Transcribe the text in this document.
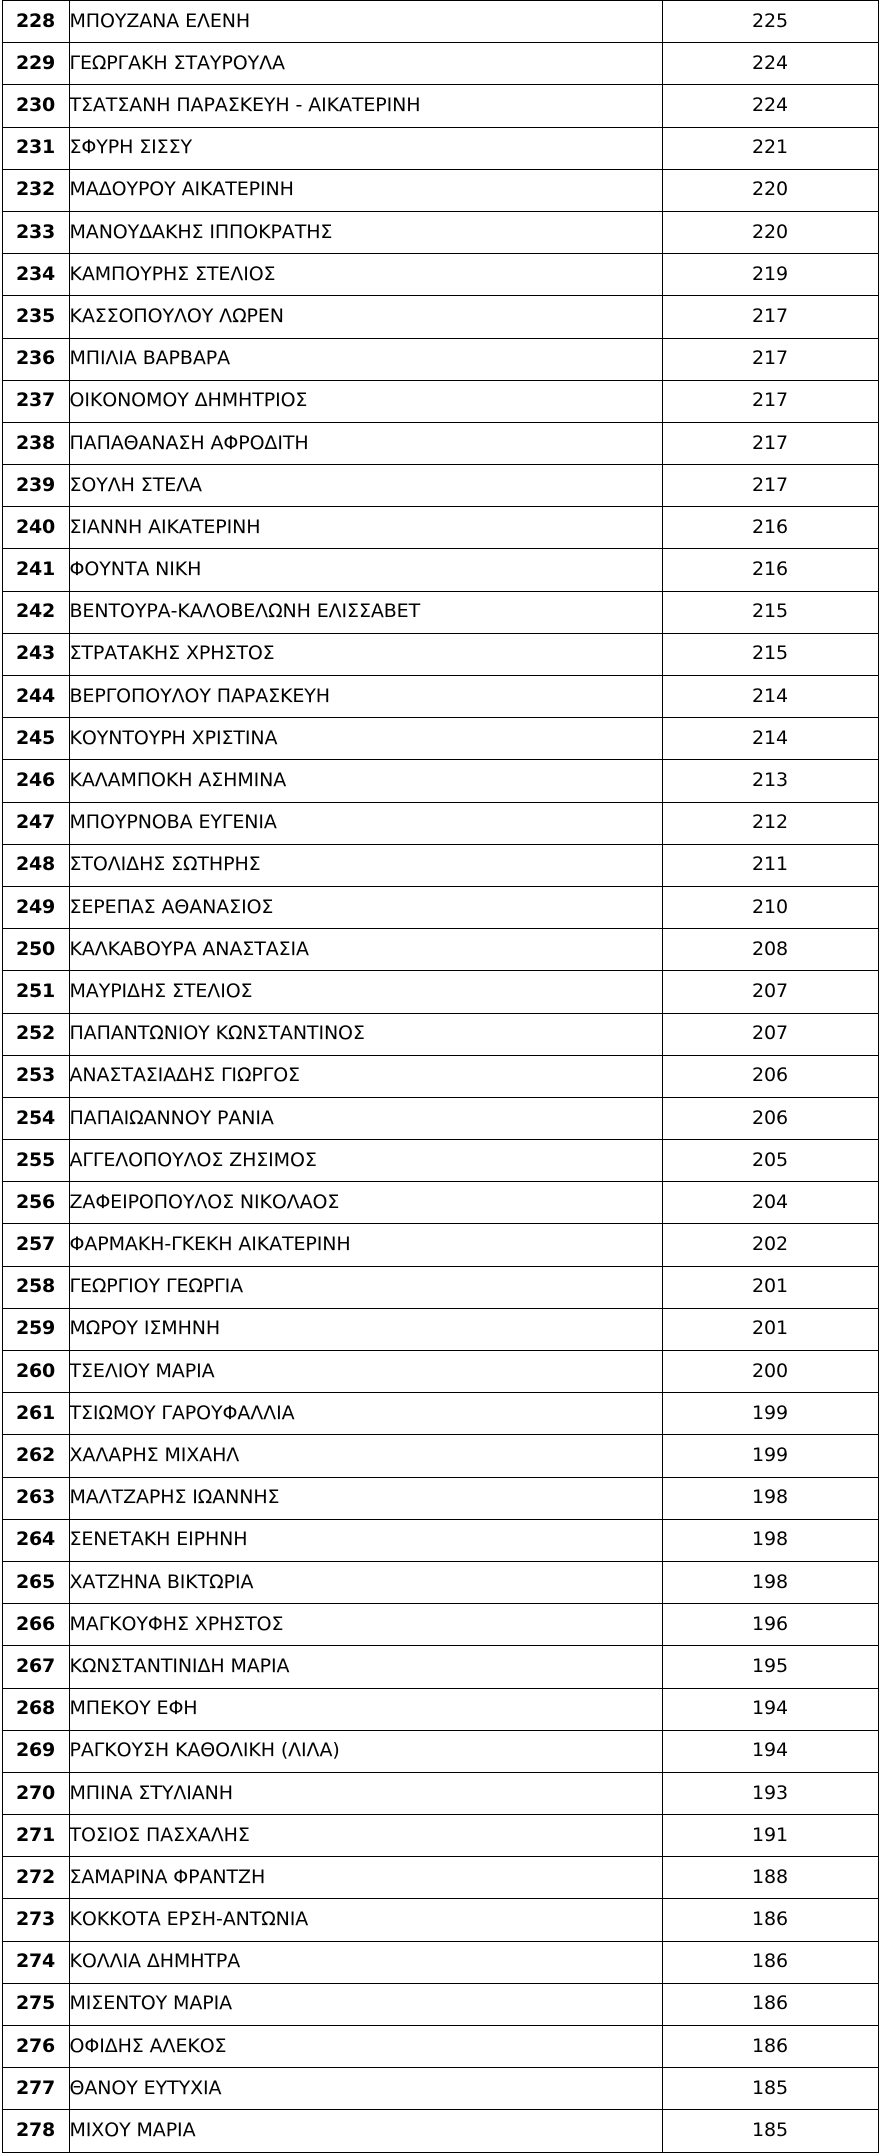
228	ΜΠΟΥΖΑΝΑ ΕΛΕΝΗ	225
229	ΓΕΩΡΓΑΚΗ ΣΤΑΥΡΟΥΛΑ	224
230	ΤΣΑΤΣΑΝΗ ΠΑΡΑΣΚΕΥΗ - ΑΙΚΑΤΕΡΙΝΗ	224
231	ΣΦΥΡΗ ΣΙΣΣΥ	221
232	ΜΑΔΟΥΡΟΥ ΑΙΚΑΤΕΡΙΝΗ	220
233	ΜΑΝΟΥΔΑΚΗΣ ΙΠΠΟΚΡΑΤΗΣ	220
234	ΚΑΜΠΟΥΡΗΣ ΣΤΕΛΙΟΣ	219
235	ΚΑΣΣΟΠΟΥΛΟΥ ΛΩΡΕΝ	217
236	ΜΠΙΛΙΑ ΒΑΡΒΑΡΑ	217
237	ΟΙΚΟΝΟΜΟΥ ΔΗΜΗΤΡΙΟΣ	217
238	ΠΑΠΑΘΑΝΑΣΗ ΑΦΡΟΔΙΤΗ	217
239	ΣΟΥΛΗ ΣΤΕΛΑ	217
240	ΣΙΑΝΝΗ ΑΙΚΑΤΕΡΙΝΗ	216
241	ΦΟΥΝΤΑ ΝΙΚΗ	216
242	ΒΕΝΤΟΥΡΑ-ΚΑΛΟΒΕΛΩΝΗ ΕΛΙΣΣΑΒΕΤ	215
243	ΣΤΡΑΤΑΚΗΣ ΧΡΗΣΤΟΣ	215
244	ΒΕΡΓΟΠΟΥΛΟΥ ΠΑΡΑΣΚΕΥΗ	214
245	ΚΟΥΝΤΟΥΡΗ ΧΡΙΣΤΙΝΑ	214
246	ΚΑΛΑΜΠΟΚΗ ΑΣΗΜΙΝΑ	213
247	ΜΠΟΥΡΝΟΒΑ ΕΥΓΕΝΙΑ	212
248	ΣΤΟΛΙΔΗΣ ΣΩΤΗΡΗΣ	211
249	ΣΕΡΕΠΑΣ ΑΘΑΝΑΣΙΟΣ	210
250	ΚΑΛΚΑΒΟΥΡΑ ΑΝΑΣΤΑΣΙΑ	208
251	ΜΑΥΡΙΔΗΣ ΣΤΕΛΙΟΣ	207
252	ΠΑΠΑΝΤΩΝΙΟΥ ΚΩΝΣΤΑΝΤΙΝΟΣ	207
253	ΑΝΑΣΤΑΣΙΑΔΗΣ ΓΙΩΡΓΟΣ	206
254	ΠΑΠΑΙΩΑΝΝΟΥ ΡΑΝΙΑ	206
255	ΑΓΓΕΛΟΠΟΥΛΟΣ ΖΗΣΙΜΟΣ	205
256	ΖΑΦΕΙΡΟΠΟΥΛΟΣ ΝΙΚΟΛΑΟΣ	204
257	ΦΑΡΜΑΚΗ-ΓΚΕΚΗ ΑΙΚΑΤΕΡΙΝΗ	202
258	ΓΕΩΡΓΙΟΥ ΓΕΩΡΓΙΑ	201
259	ΜΩΡΟΥ ΙΣΜΗΝΗ	201
260	ΤΣΕΛΙΟΥ ΜΑΡΙΑ	200
261	ΤΣΙΩΜΟΥ ΓΑΡΟΥΦΑΛΛΙΑ	199
262	ΧΑΛΑΡΗΣ ΜΙΧΑΗΛ	199
263	ΜΑΛΤΖΑΡΗΣ ΙΩΑΝΝΗΣ	198
264	ΣΕΝΕΤΑΚΗ ΕΙΡΗΝΗ	198
265	ΧΑΤΖΗΝΑ ΒΙΚΤΩΡΙΑ	198
266	ΜΑΓΚΟΥΦΗΣ ΧΡΗΣΤΟΣ	196
267	ΚΩΝΣΤΑΝΤΙΝΙΔΗ ΜΑΡΙΑ	195
268	ΜΠΕΚΟΥ ΕΦΗ	194
269	ΡΑΓΚΟΥΣΗ ΚΑΘΟΛΙΚΗ (ΛΙΛΑ)	194
270	ΜΠΙΝΑ ΣΤΥΛΙΑΝΗ	193
271	ΤΟΣΙΟΣ ΠΑΣΧΑΛΗΣ	191
272	ΣΑΜΑΡΙΝΑ ΦΡΑΝΤΖΗ	188
273	ΚΟΚΚΟΤΑ ΕΡΣΗ-ΑΝΤΩΝΙΑ	186
274	ΚΟΛΛΙΑ ΔΗΜΗΤΡΑ	186
275	ΜΙΣΕΝΤΟΥ ΜΑΡΙΑ	186
276	ΟΦΙΔΗΣ ΑΛΕΚΟΣ	186
277	ΘΑΝΟΥ ΕΥΤΥΧΙΑ	185
278	ΜΙΧΟΥ ΜΑΡΙΑ	185
